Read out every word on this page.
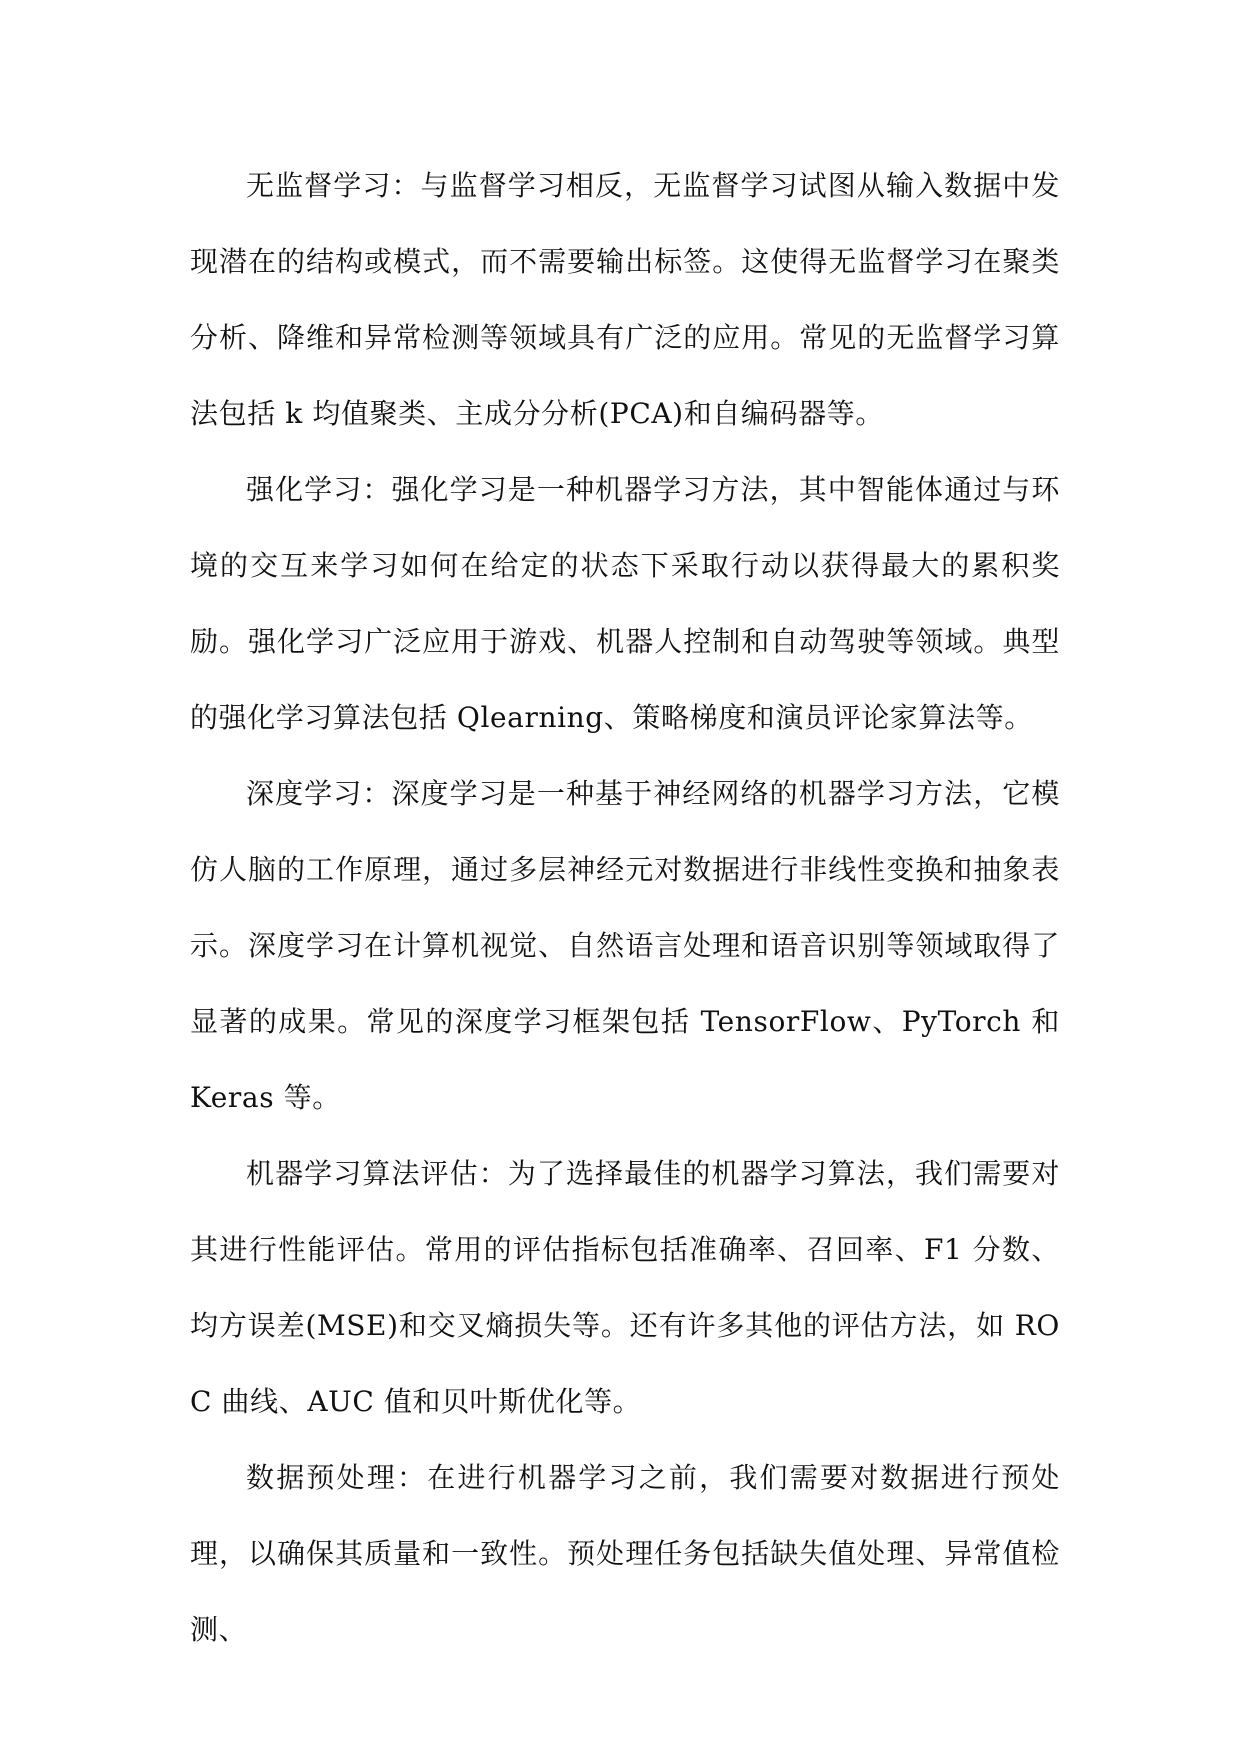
无监督学习：与监督学习相反，无监督学习试图从输入数据中发现潜在的结构或模式，而不需要输出标签。这使得无监督学习在聚类分析、降维和异常检测等领域具有广泛的应用。常见的无监督学习算法包括 k 均值聚类、主成分分析(PCA)和自编码器等。

强化学习：强化学习是一种机器学习方法，其中智能体通过与环境的交互来学习如何在给定的状态下采取行动以获得最大的累积奖励。强化学习广泛应用于游戏、机器人控制和自动驾驶等领域。典型的强化学习算法包括 Qlearning、策略梯度和演员评论家算法等。

深度学习：深度学习是一种基于神经网络的机器学习方法，它模仿人脑的工作原理，通过多层神经元对数据进行非线性变换和抽象表示。深度学习在计算机视觉、自然语言处理和语音识别等领域取得了显著的成果。常见的深度学习框架包括 TensorFlow、PyTorch 和 Keras 等。

机器学习算法评估：为了选择最佳的机器学习算法，我们需要对其进行性能评估。常用的评估指标包括准确率、召回率、F1 分数、均方误差(MSE)和交叉熵损失等。还有许多其他的评估方法，如 ROC 曲线、AUC 值和贝叶斯优化等。

数据预处理：在进行机器学习之前，我们需要对数据进行预处理，以确保其质量和一致性。预处理任务包括缺失值处理、异常值检测、
